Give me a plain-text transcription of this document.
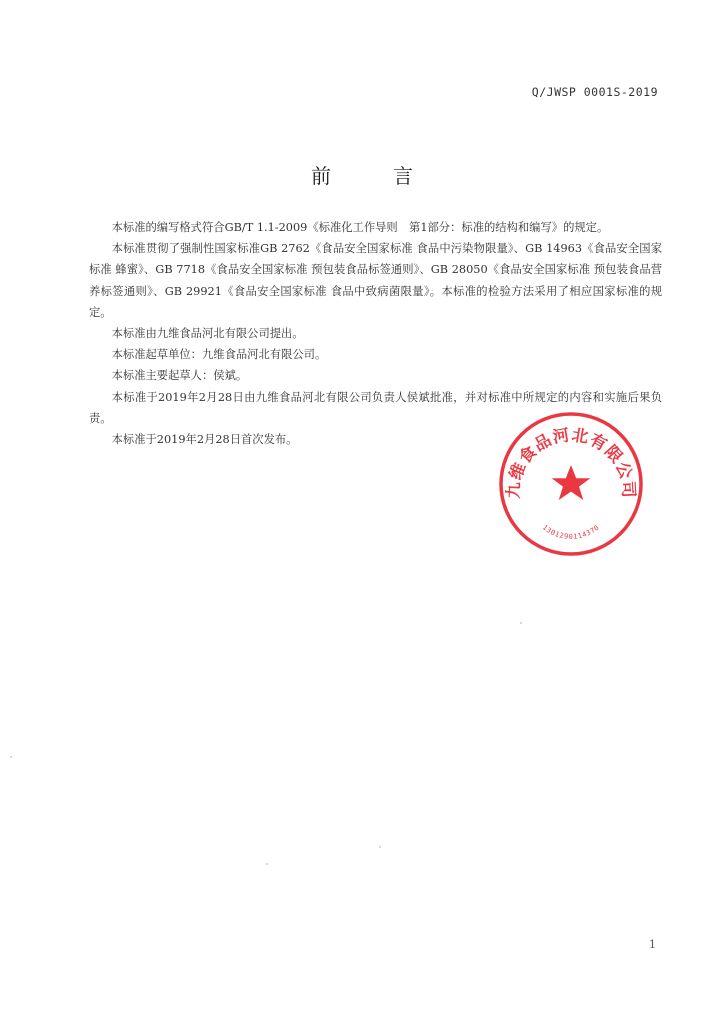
Q/JWSP 0001S-2019
前言

本标准的编写格式符合GB/T 1.1-2009《标准化工作导则　第1部分：标准的结构和编写》的规定。

本标准贯彻了强制性国家标准GB 2762《食品安全国家标准 食品中污染物限量》、GB 14963《食品安全国家标准 蜂蜜》、GB 7718《食品安全国家标准 预包装食品标签通则》、GB 28050《食品安全国家标准 预包装食品营养标签通则》、GB 29921《食品安全国家标准 食品中致病菌限量》。本标准的检验方法采用了相应国家标准的规定。

本标准由九维食品河北有限公司提出。

本标准起草单位：九维食品河北有限公司。

本标准主要起草人：侯斌。

本标准于2019年2月28日由九维食品河北有限公司负责人侯斌批准，并对标准中所规定的内容和实施后果负责。

本标准于2019年2月28日首次发布。

九维食品河北有限公司
1301290114370
1
